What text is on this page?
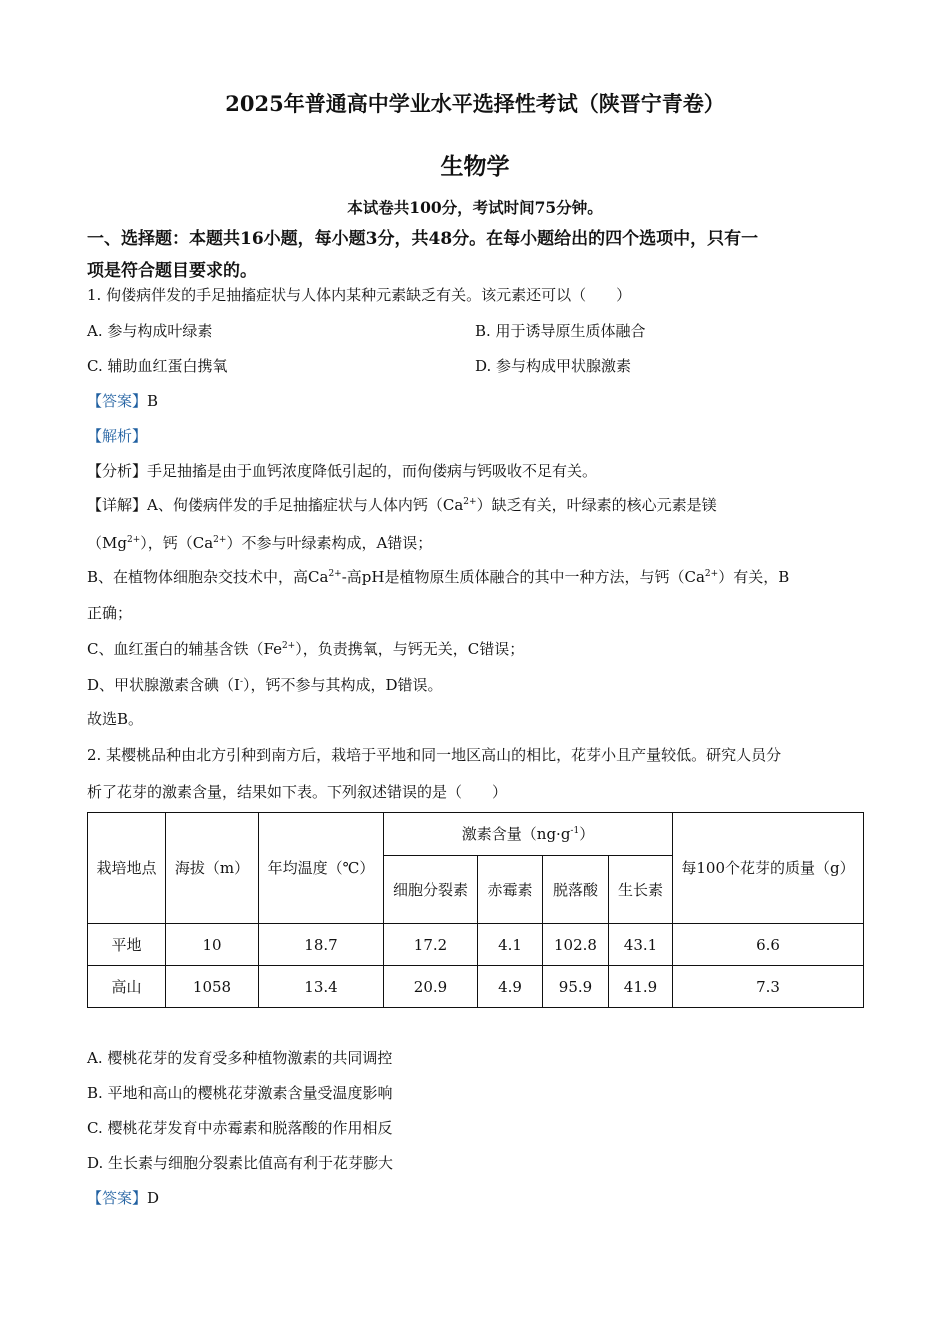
2025年普通高中学业水平选择性考试（陕晋宁青卷）
生物学
本试卷共100分，考试时间75分钟。
一、选择题：本题共16小题，每小题3分，共48分。在每小题给出的四个选项中，只有一
项是符合题目要求的。
1. 佝偻病伴发的手足抽搐症状与人体内某种元素缺乏有关。该元素还可以（　　）
A. 参与构成叶绿素	B. 用于诱导原生质体融合
C. 辅助血红蛋白携氧	D. 参与构成甲状腺激素
【答案】B
【解析】
【分析】手足抽搐是由于血钙浓度降低引起的，而佝偻病与钙吸收不足有关。
【详解】A、佝偻病伴发的手足抽搐症状与人体内钙$(Ca^{2+})$缺乏有关，叶绿素的核心元素是镁
$(Mg^{2+})$，钙$(Ca^{2+})$不参与叶绿素构成，A错误；
B、在植物体细胞杂交技术中，高$Ca^{2+}-$高pH是植物原生质体融合的其中一种方法，与钙$(Ca^{2+})$有关，B
正确；
C、血红蛋白的辅基含铁$(Fe^{2+})$，负责携氧，与钙无关，C错误；
D、甲状腺激素含碘（I-），钙不参与其构成，D错误。
故选B。
2. 某樱桃品种由北方引种到南方后，栽培于平地和同一地区高山的相比，花芽小且产量较低。研究人员分
析了花芽的激素含量，结果如下表。下列叙述错误的是（　　）
栽培地点	海拔（m）	年均温度（℃）	激素含量$(ng\cdot g^{-1})$				每100个花芽的质量（g）
			细胞分裂素	赤霉素	脱落酸	生长素	
平地	10	18.7	17.2	4.1	102.8	43.1	6.6
高山	1058	13.4	20.9	4.9	95.9	41.9	7.3
A. 樱桃花芽的发育受多种植物激素的共同调控
B. 平地和高山的樱桃花芽激素含量受温度影响
C. 樱桃花芽发育中赤霉素和脱落酸的作用相反
D. 生长素与细胞分裂素比值高有利于花芽膨大
【答案】D
